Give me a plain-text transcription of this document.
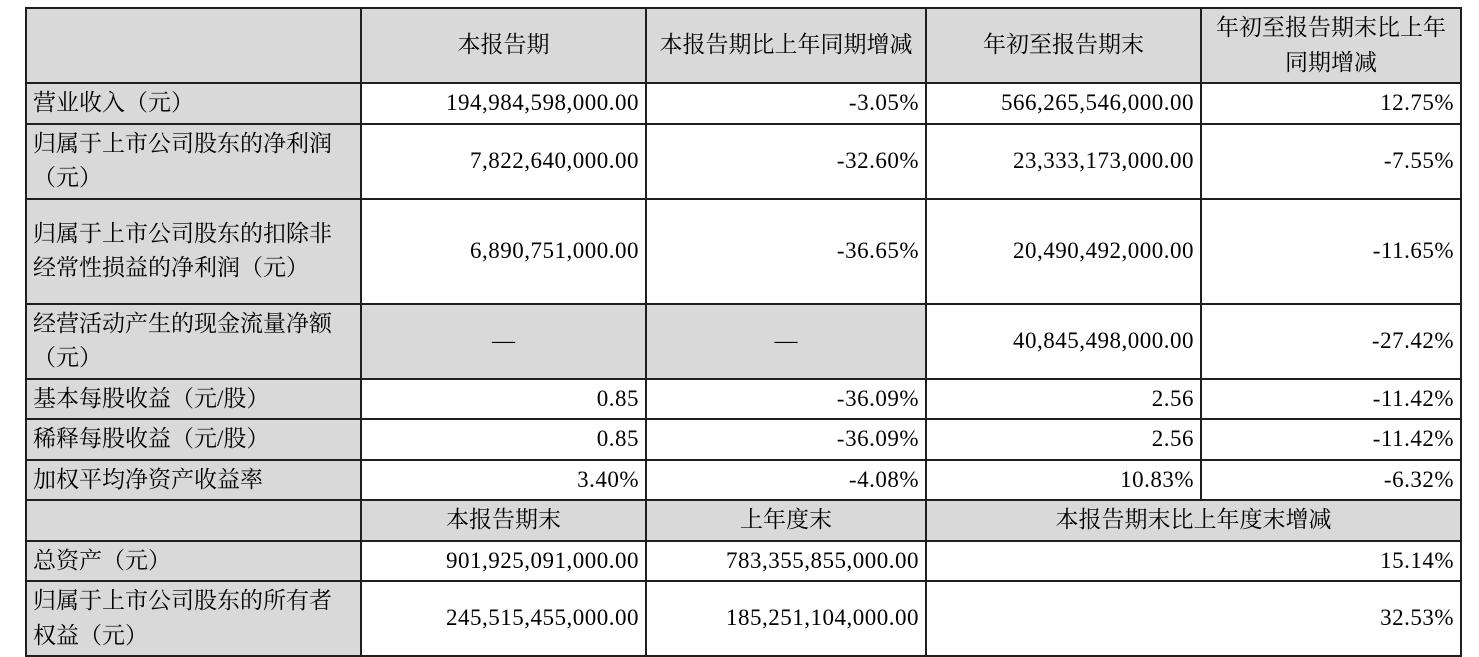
	本报告期	本报告期比上年同期增减	年初至报告期末	年初至报告期末比上年同期增减
营业收入（元）	194,984,598,000.00	-3.05%	566,265,546,000.00	12.75%
归属于上市公司股东的净利润（元）	7,822,640,000.00	-32.60%	23,333,173,000.00	-7.55%
归属于上市公司股东的扣除非经常性损益的净利润（元）	6,890,751,000.00	-36.65%	20,490,492,000.00	-11.65%
经营活动产生的现金流量净额（元）	—	—	40,845,498,000.00	-27.42%
基本每股收益（元/股）	0.85	-36.09%	2.56	-11.42%
稀释每股收益（元/股）	0.85	-36.09%	2.56	-11.42%
加权平均净资产收益率	3.40%	-4.08%	10.83%	-6.32%
	本报告期末	上年度末	本报告期末比上年度末增减	
总资产（元）	901,925,091,000.00	783,355,855,000.00	15.14%	
归属于上市公司股东的所有者权益（元）	245,515,455,000.00	185,251,104,000.00	32.53%	
